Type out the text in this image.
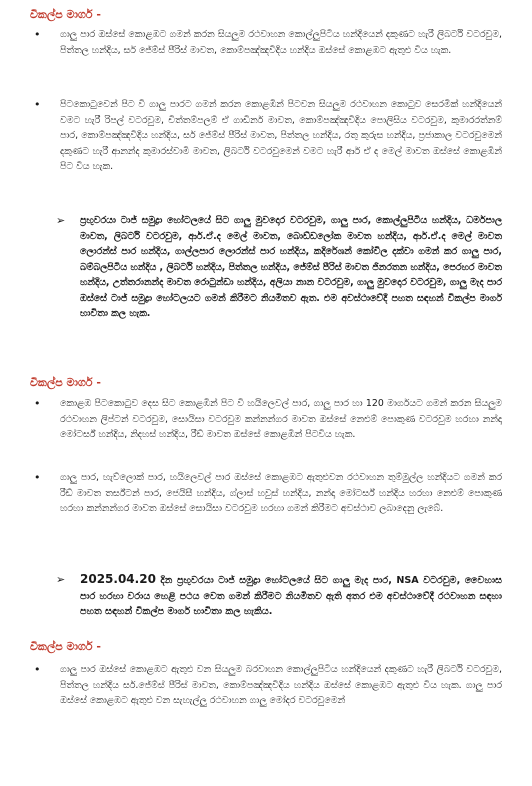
විකල්ප මාර්ග -
• ගාලු පාර ඔස්සේ කොළඹට ගමන් කරන සියලුම රථවාහන කොල්ලුපිටිය හන්දියෙන් දකුණට හැරී ලිබර්ටි වටරවුම, පිත්තල හන්දිය, සර් ජේම්ස් පීරිස් මාවත, කොම්පඤ්ඤවීදිය හන්දිය ඔස්සේ කොළඹට ඇතුළු විය හැක.
• පිටකොටුවෙන් පිට වී ගාලු පාරට ගමන් කරන කොළඹින් පිටවන සියලුම රථවාහන කොටුව සෙරමික් හන්දියෙන් වමට හැරී රිපල් වටරවුම, චිත්තම්පලම් ඒ ගාඩිනර් මාවත, කොම්පඤ්ඤවීදිය පොලිසිය වටරවුම, කුමාරරත්නම් පාර, කොම්පඤ්ඤවීදිය හන්දිය, සර් ජේම්ස් පීරිස් මාවත, පිත්තල හන්දිය, රතු කුරුස හන්දිය, ප්‍රජාකාල වටරවුමෙන් දකුණට හැරී ආනන්ද කුමාරස්වාමි මාවත, ලිබර්ටි වටරවුමෙන් වමට හැරී ආර් ඒ ද මෙල් මාවත ඔස්සේ කොළඹින් පිට විය හැක.
➢ ප්‍රභුවරයා ටාජ් සමුද්‍රා හෝටලයේ සිට ගාලු මුවදොර වටරවුම, ගාලු පාර, කොල්ලුපිටිය හන්දිය, ධර්මපාල මාවත, ලිබර්ටි වටරවුම, ආර්.ඒ.ද මෙල් මාවත, බොඩ්ඩලෝක මාවත හන්දිය, ආර්.ඒ.ද මෙල් මාවත ලොරන්ස් පාර හන්දිය, ගාල්ලපාර ලොරන්ස් පාර හන්දිය, කදිරේශන් කෝවිල දක්වා ගමන් කර ගාලු පාර, බම්බලපිටිය හන්දිය , ලිබර්ටි හන්දිය, පිත්තල හන්දිය, ජේම්ස් පීරිස් මාවත ජිනරතන හන්දිය, පෙරහර මාවත හන්දිය, උත්තරානන්ද මාවත රොටුන්ඩා හන්දිය, අලියා නාන වටරවුම, ගාලු මුවදොර වටරවුම, ගාලු මැද පාර ඔස්සේ ටාජ් සමුද්‍රා හෝටලයට ගමන් කිරීමට නියමිතව ඇත. එම අවස්ථාවේදී පහත සඳහන් විකල්ප මාර්ග භාවිතා කල හැක.
විකල්ප මාර්ග -
• කොළඹ පිටකොටුව දෙස සිට කොළඹින් පිට වී හයිලෙවල් පාර, ගාලු පාර හා 120 මාර්ගයට ගමන් කරන සියලුම රථවාහන ලිප්ටන් වටරවුම, සොයිසා වටරවුම කන්නන්ගර මාවත ඔස්සේ නෙළුම් පොකුණ වටරවුම හරහා නන්දා මෝටර්ස් හන්දිය, නිදහස් හන්දිය, රීඩ් මාවත ඔස්සේ කොළඹින් පිටවිය හැක.
• ගාලු පාර, හැව්ලොක් පාර, හයිලෙවල් පාර ඔස්සේ කොළඹට ඇතුළුවන රථවාහන තුම්මුල්ල හන්දියට ගමන් කර රීඩ් මාවත තර්ස්ටන් පාර, ජෙයිසී හන්දිය, ග්ලාස් හවුස් හන්දිය, නන්දා මෝටර්ස් හන්දිය හරහා නෙළුම් පොකුණ හරහා කන්නන්ගර මාවත ඔස්සේ සොයිසා වටරවුම හරහා ගමන් කිරීමට අවස්ථාව ලබාදෙනු ලැබේ.
➢ 2025.04.20 දින ප්‍රභුවරයා ටාජ් සමුද්‍රා හෝටලයේ සිට ගාලු මැද පාර, NSA වටරවුම, වෛහාස පාර හරහා වරාය හෙළි පථය වෙත ගමන් කිරීමට නියමිතව ඇති අතර එම අවස්ථාවේදී රථවාහන සඳහා පහත සඳහන් විකල්ප මාර්ග භාවිතා කල හැකිය.
විකල්ප මාර්ග -
• ගාලු පාර ඔස්සේ කොළඹට ඇතුළු වන සියලුම බරවාහන කොල්ලුපිටිය හන්දියෙන් දකුණට හැරී ලිබර්ටි වටරවුම, පිත්තල හන්දිය සර්.ජේම්ස් පීරිස් මාවත, කොම්පඤ්ඤවීදිය හන්දිය ඔස්සේ කොළඹට ඇතුළු විය හැක. ගාලු පාර ඔස්සේ කොළඹට ඇතුළු වන සැහැල්ලු රථවාහන ගාලු මෝදර වටරවුමෙන්
